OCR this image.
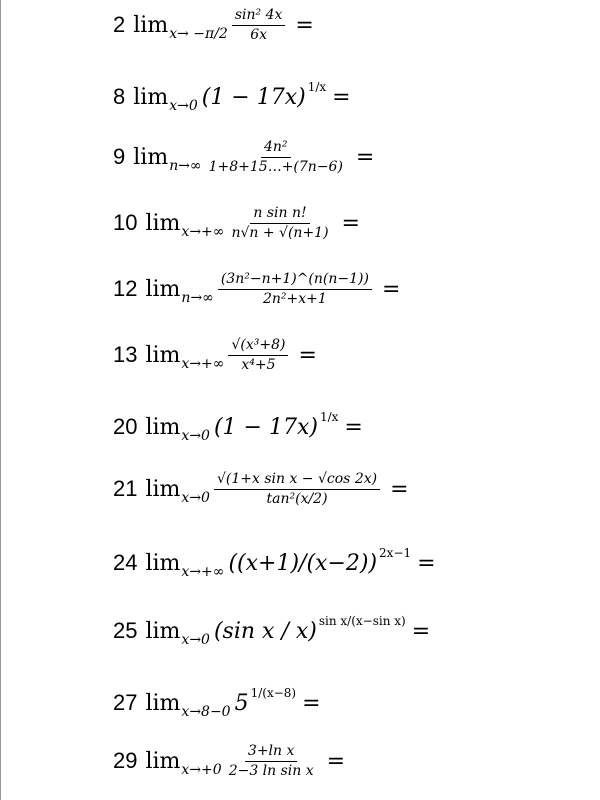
2 $\lim x\to -\pi/2 \frac{\text{sin² 4x}}{6x}$ =
8 lim x→0 (1 − 17x) 1/x =
9 $\lim n\to\infty \frac{\text{4n²}}{1+8+15\dots+(7n-6)}$ =
10 $\lim x\to+\infty \frac{\text{n sin n!}}{n√n + √(n+1)}$ =
12 $\lim n\to\infty \frac{\text{(3n²−n+1)\textasciicircum{}(n(n−1))}}{\text{2n²+x+1}}$ =
13 $\lim x\to+\infty \frac{\text{√(x³+8)}}{\text{x⁴+5}}$ =
20 lim x→0 (1 − 17x) 1/x =
21 $\lim x\to 0 \frac{\text{√(1+x sin x − √cos 2x)}}{\text{tan²(x/2)}}$ =
24 lim x→+∞ ((x+1)/(x−2)) 2x−1 =
25 lim x→0 (sin x / x) sin x/(x−sin x) =
27 lim x→8−0 5 1/(x−8) =
29 $\lim x\to+0 \frac{\text{3+ln x}}{\text{2−3 ln sin x}}$ =
